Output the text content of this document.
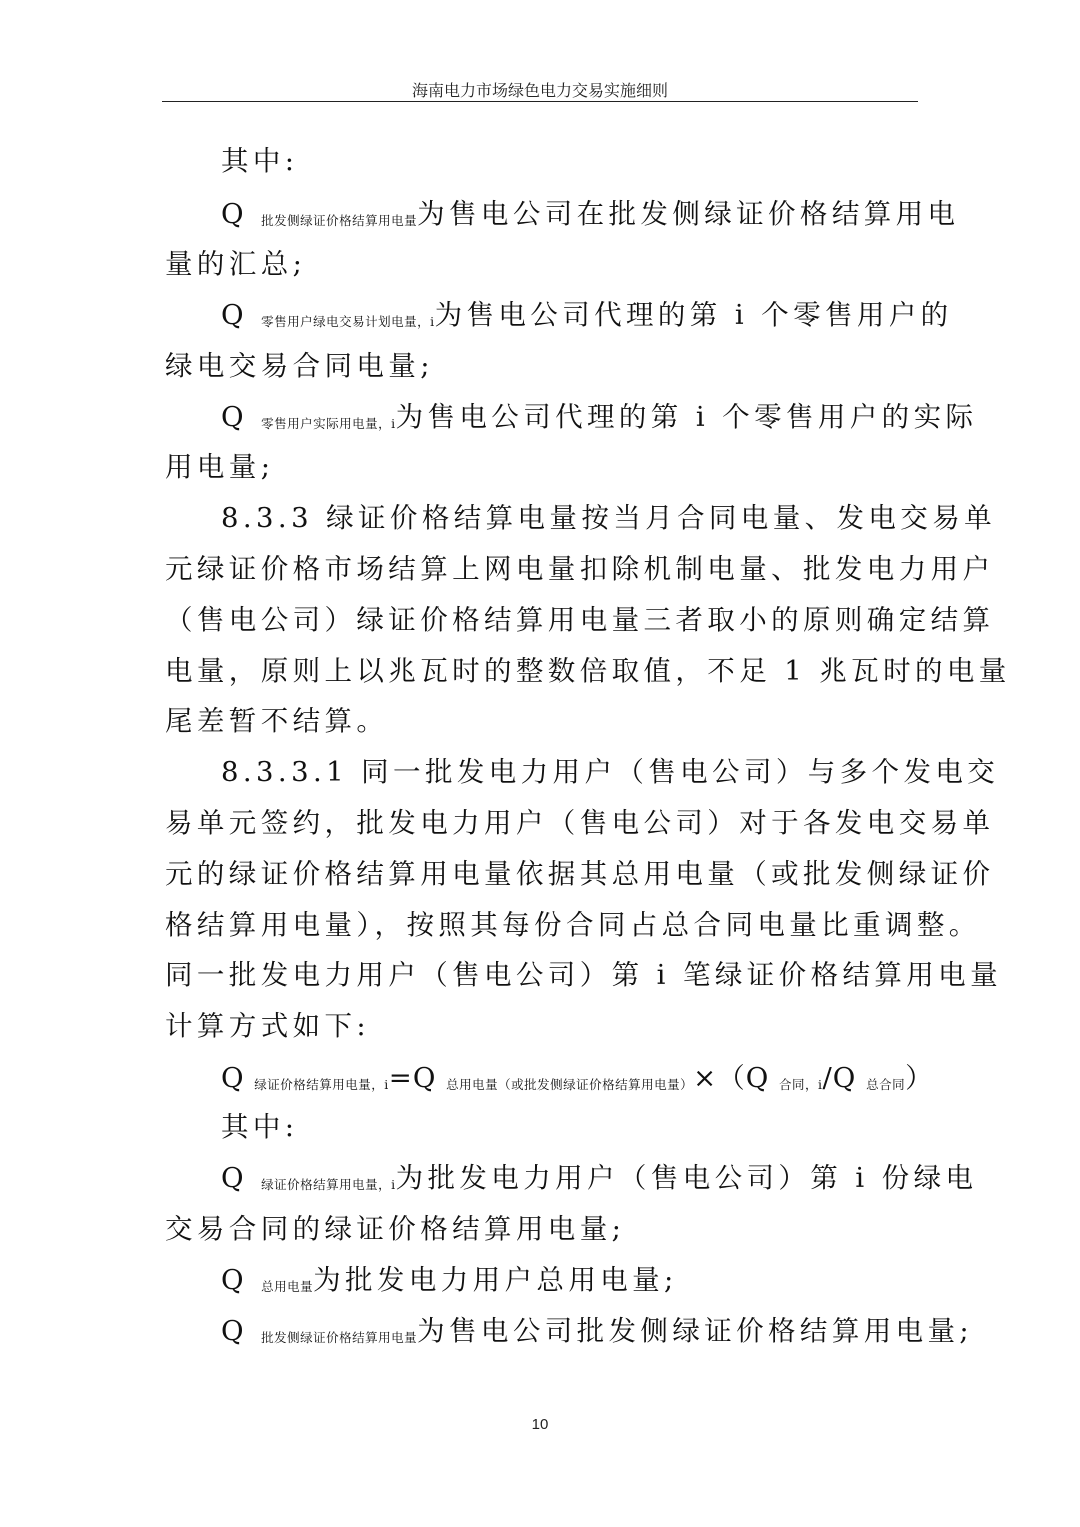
海南电力市场绿色电力交易实施细则
其中:
Q 批发侧绿证价格结算用电量为售电公司在批发侧绿证价格结算用电
量的汇总;
Q 零售用户绿电交易计划电量，i为售电公司代理的第 i 个零售用户的
绿电交易合同电量;
Q 零售用户实际用电量，i为售电公司代理的第 i 个零售用户的实际
用电量;
8.3.3 绿证价格结算电量按当月合同电量、发电交易单
元绿证价格市场结算上网电量扣除机制电量、批发电力用户
（售电公司）绿证价格结算用电量三者取小的原则确定结算
电量，原则上以兆瓦时的整数倍取值，不足 1 兆瓦时的电量
尾差暂不结算。
8.3.3.1 同一批发电力用户（售电公司）与多个发电交
易单元签约，批发电力用户（售电公司）对于各发电交易单
元的绿证价格结算用电量依据其总用电量（或批发侧绿证价
格结算用电量），按照其每份合同占总合同电量比重调整。
同一批发电力用户（售电公司）第 i 笔绿证价格结算用电量
计算方式如下:
Q 绿证价格结算用电量，i=Q 总用电量（或批发侧绿证价格结算用电量）×（Q 合同，i/Q 总合同）
其中:
Q 绿证价格结算用电量，i为批发电力用户（售电公司）第 i 份绿电
交易合同的绿证价格结算用电量;
Q 总用电量为批发电力用户总用电量;
Q 批发侧绿证价格结算用电量为售电公司批发侧绿证价格结算用电量;
10
